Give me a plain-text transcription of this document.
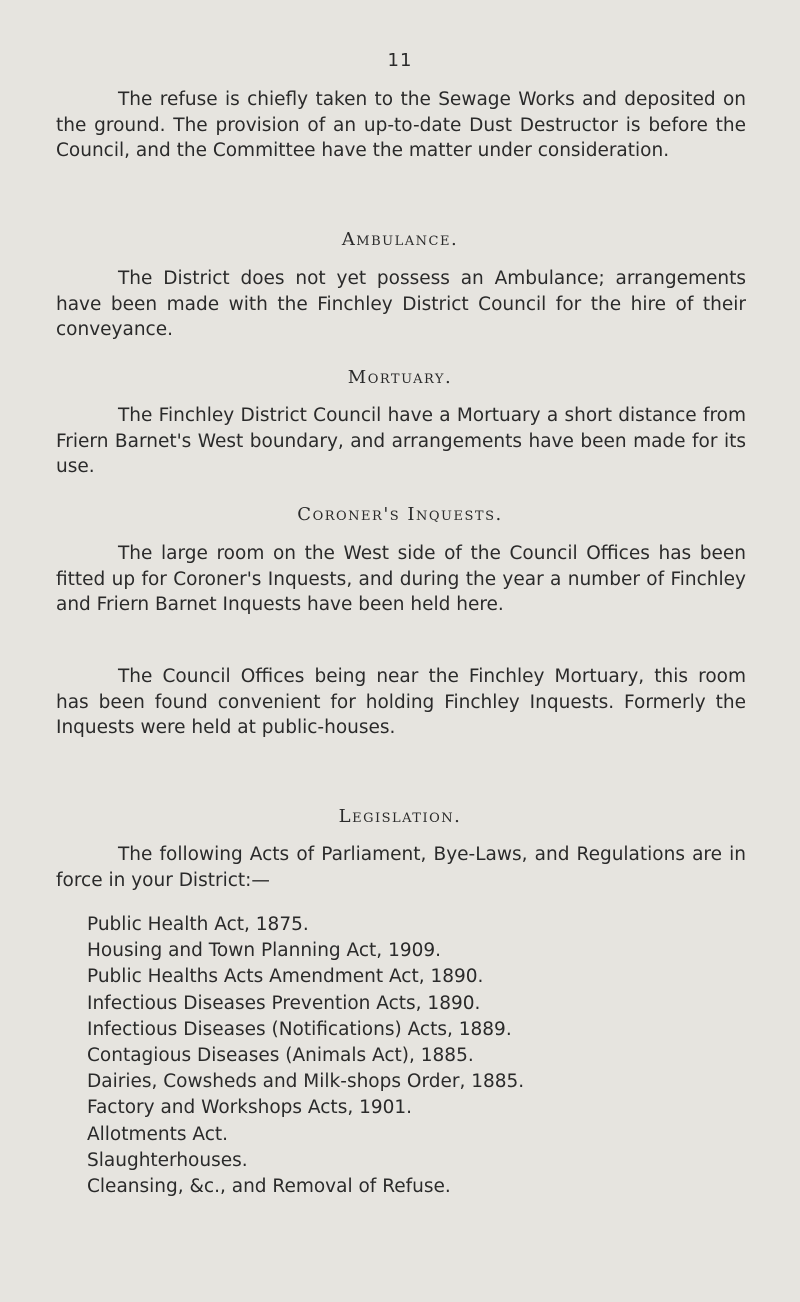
11

The refuse is chiefly taken to the Sewage Works and deposited on the ground. The provision of an up-to-date Dust Destructor is before the Council, and the Committee have the matter under consideration.

Ambulance.

The District does not yet possess an Ambulance; arrangements have been made with the Finchley District Council for the hire of their conveyance.

Mortuary.

The Finchley District Council have a Mortuary a short distance from Friern Barnet's West boundary, and arrangements have been made for its use.

Coroner's Inquests.

The large room on the West side of the Council Offices has been fitted up for Coroner's Inquests, and during the year a number of Finchley and Friern Barnet Inquests have been held here.

The Council Offices being near the Finchley Mortuary, this room has been found convenient for holding Finchley Inquests. Formerly the Inquests were held at public-houses.

Legislation.

The following Acts of Parliament, Bye-Laws, and Regulations are in force in your District:—

Public Health Act, 1875.
Housing and Town Planning Act, 1909.
Public Healths Acts Amendment Act, 1890.
Infectious Diseases Prevention Acts, 1890.
Infectious Diseases (Notifications) Acts, 1889.
Contagious Diseases (Animals Act), 1885.
Dairies, Cowsheds and Milk-shops Order, 1885.
Factory and Workshops Acts, 1901.
Allotments Act.
Slaughterhouses.
Cleansing, &c., and Removal of Refuse.
